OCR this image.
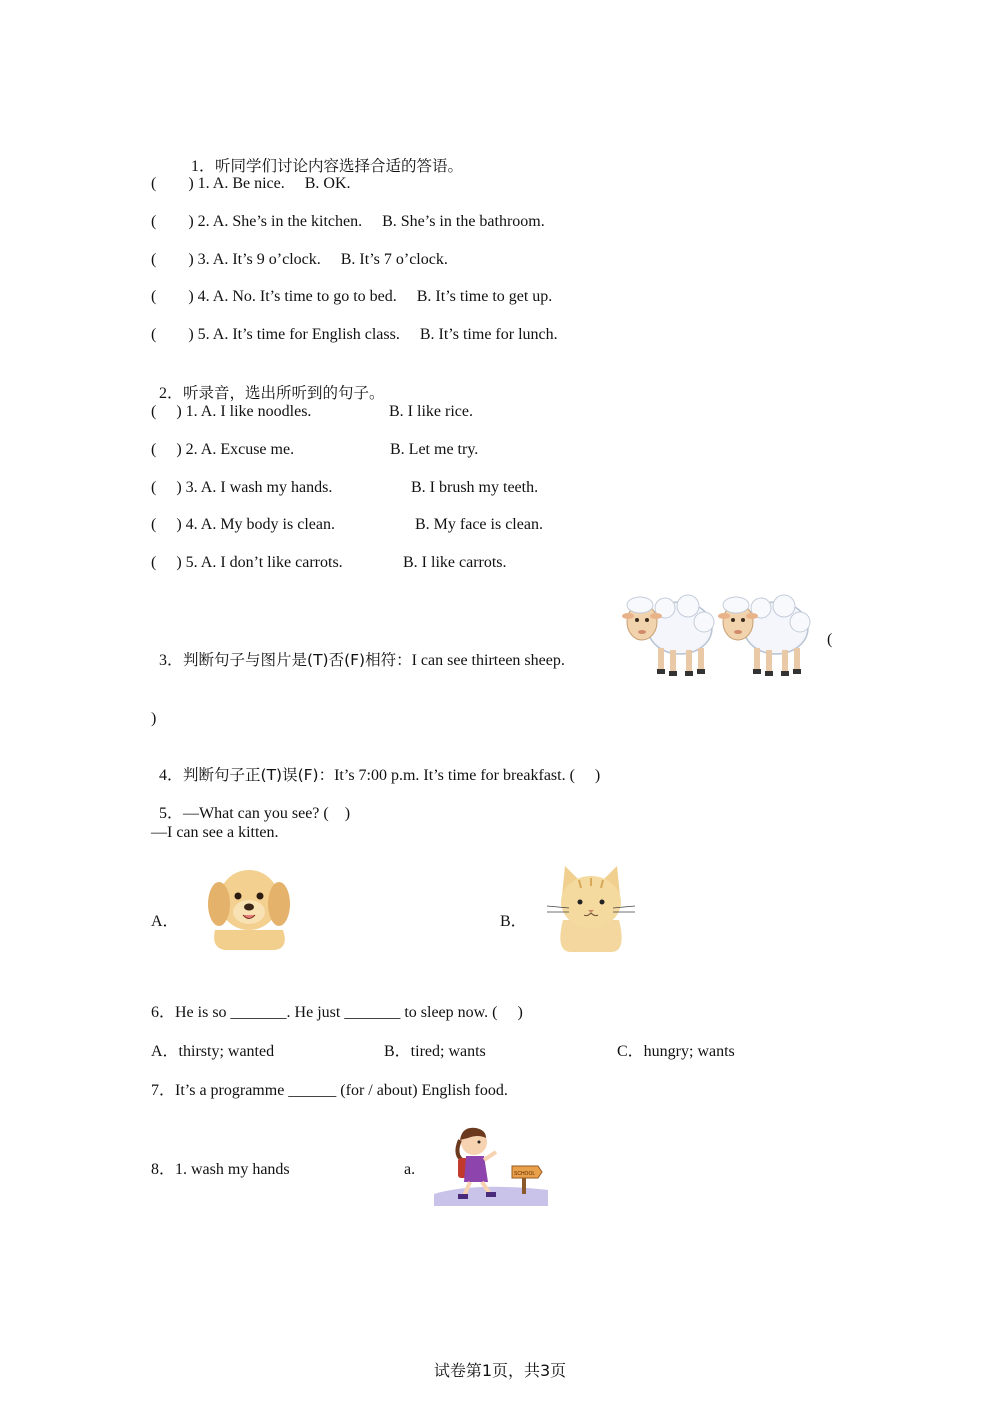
1．听同学们讨论内容选择合适的答语。

(        ) 1. A. Be nice.     B. OK.
(        ) 2. A. She’s in the kitchen.     B. She’s in the bathroom.
(        ) 3. A. It’s 9 o’clock.     B. It’s 7 o’clock.
(        ) 4. A. No. It’s time to go to bed.     B. It’s time to get up.
(        ) 5. A. It’s time for English class.     B. It’s time for lunch.

2．听录音，选出所听到的句子。

(     ) 1. A. I like noodles.	B. I like rice.
(     ) 2. A. Excuse me.	B. Let me try.
(     ) 3. A. I wash my hands.	B. I brush my teeth.
(     ) 4. A. My body is clean.	B. My face is clean.
(     ) 5. A. I don’t like carrots.	B. I like carrots.

3．判断句子与图片是(T)否(F)相符：I can see thirteen sheep.

(
)

4．判断句子正(T)误(F)：It’s 7:00 p.m. It’s time for breakfast. (     )

5．—What can you see? (    )

—I can see a kitten.
A．	B．
6．He is so _______. He just _______ to sleep now. (     )
A．thirsty; wanted	B．tired; wants	C．hungry; wants
7．It’s a programme ______ (for / about) English food.
8．1. wash my hands	a.	SCHOOL
试卷第1页，共3页
